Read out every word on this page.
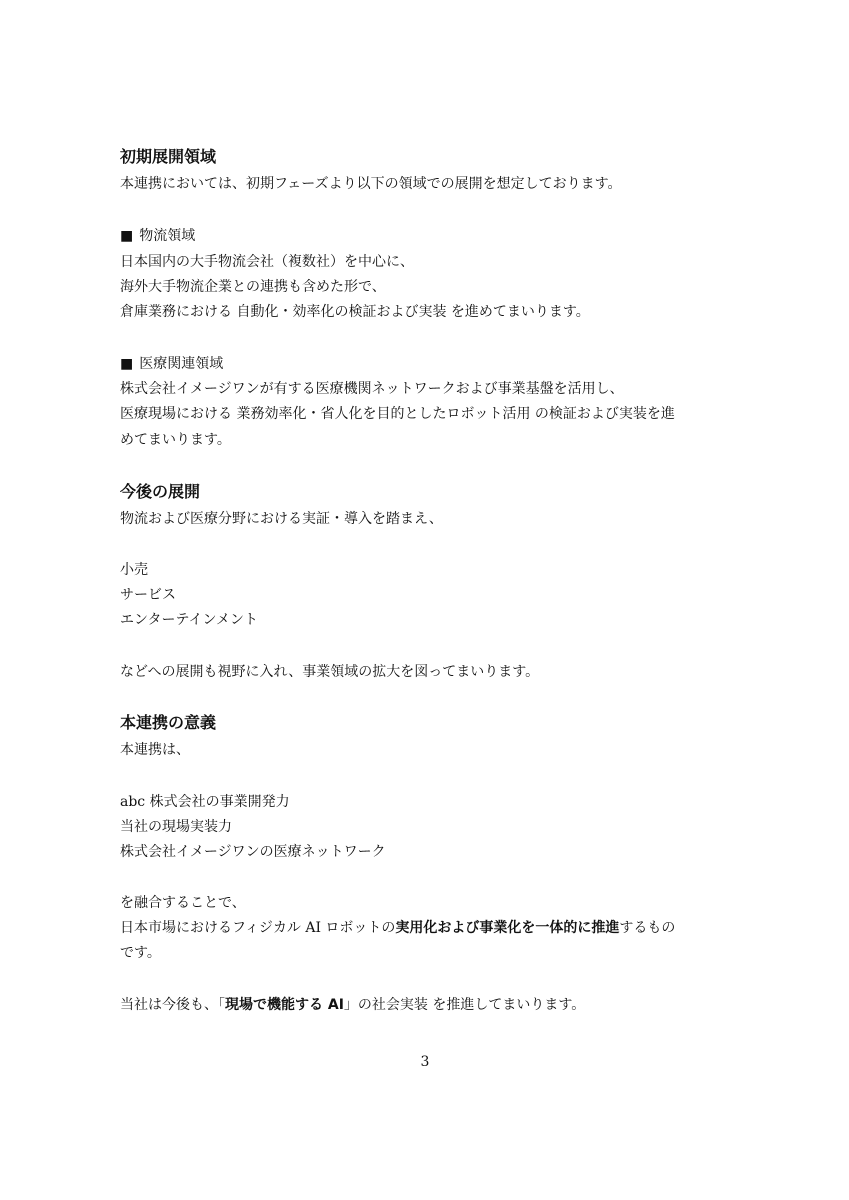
初期展開領域
本連携においては、初期フェーズより以下の領域での展開を想定しております。
■ 物流領域
日本国内の大手物流会社（複数社）を中心に、
海外大手物流企業との連携も含めた形で、
倉庫業務における 自動化・効率化の検証および実装 を進めてまいります。
■ 医療関連領域
株式会社イメージワンが有する医療機関ネットワークおよび事業基盤を活用し、
医療現場における 業務効率化・省人化を目的としたロボット活用 の検証および実装を進
めてまいります。
今後の展開
物流および医療分野における実証・導入を踏まえ、
小売
サービス
エンターテインメント
などへの展開も視野に入れ、事業領域の拡大を図ってまいります。
本連携の意義
本連携は、
abc 株式会社の事業開発力
当社の現場実装力
株式会社イメージワンの医療ネットワーク
を融合することで、
日本市場におけるフィジカル AI ロボットの実用化および事業化を一体的に推進するもの
です。
当社は今後も、「現場で機能する AI」の社会実装 を推進してまいります。
3
